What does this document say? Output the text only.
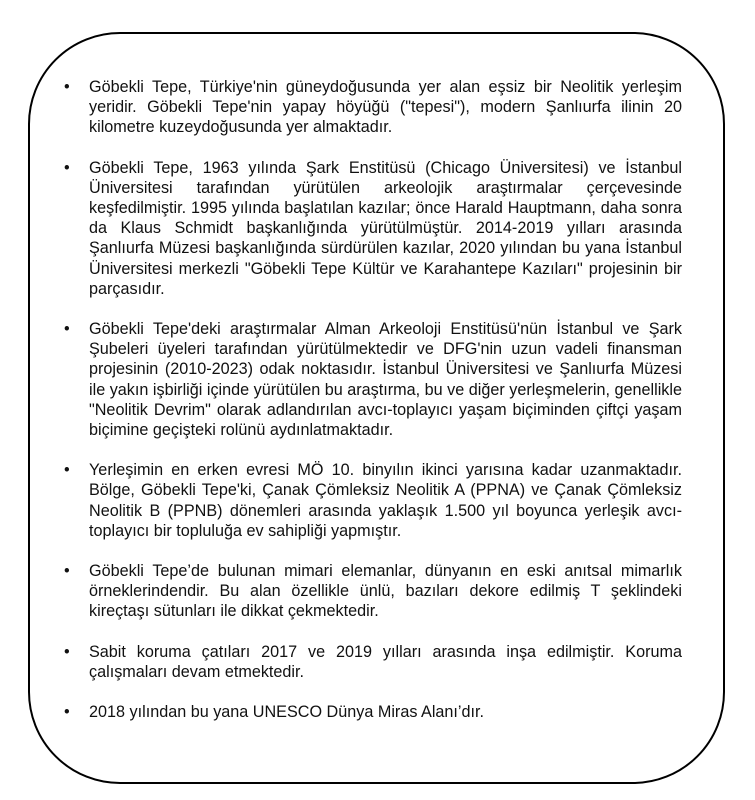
• Göbekli Tepe, Türkiye'nin güneydoğusunda yer alan eşsiz bir Neolitik yerleşim yeridir. Göbekli Tepe'nin yapay höyüğü ("tepesi"), modern Şanlıurfa ilinin 20 kilometre kuzeydoğusunda yer almaktadır.
• Göbekli Tepe, 1963 yılında Şark Enstitüsü (Chicago Üniversitesi) ve İstanbul Üniversitesi tarafından yürütülen arkeolojik araştırmalar çerçevesinde keşfedilmiştir. 1995 yılında başlatılan kazılar; önce Harald Hauptmann, daha sonra da Klaus Schmidt başkanlığında yürütülmüştür. 2014-2019 yılları arasında Şanlıurfa Müzesi başkanlığında sürdürülen kazılar, 2020 yılından bu yana İstanbul Üniversitesi merkezli "Göbekli Tepe Kültür ve Karahantepe Kazıları" projesinin bir parçasıdır.
• Göbekli Tepe'deki araştırmalar Alman Arkeoloji Enstitüsü'nün İstanbul ve Şark Şubeleri üyeleri tarafından yürütülmektedir ve DFG'nin uzun vadeli finansman projesinin (2010-2023) odak noktasıdır. İstanbul Üniversitesi ve Şanlıurfa Müzesi ile yakın işbirliği içinde yürütülen bu araştırma, bu ve diğer yerleşmelerin, genellikle "Neolitik Devrim" olarak adlandırılan avcı-toplayıcı yaşam biçiminden çiftçi yaşam biçimine geçişteki rolünü aydınlatmaktadır.
• Yerleşimin en erken evresi MÖ 10. binyılın ikinci yarısına kadar uzanmaktadır. Bölge, Göbekli Tepe'ki, Çanak Çömleksiz Neolitik A (PPNA) ve Çanak Çömleksiz Neolitik B (PPNB) dönemleri arasında yaklaşık 1.500 yıl boyunca yerleşik avcı-toplayıcı bir topluluğa ev sahipliği yapmıştır.
• Göbekli Tepe’de bulunan mimari elemanlar, dünyanın en eski anıtsal mimarlık örneklerindendir. Bu alan özellikle ünlü, bazıları dekore edilmiş T şeklindeki kireçtaşı sütunları ile dikkat çekmektedir.
• Sabit koruma çatıları 2017 ve 2019 yılları arasında inşa edilmiştir. Koruma çalışmaları devam etmektedir.
• 2018 yılından bu yana UNESCO Dünya Miras Alanı’dır.
